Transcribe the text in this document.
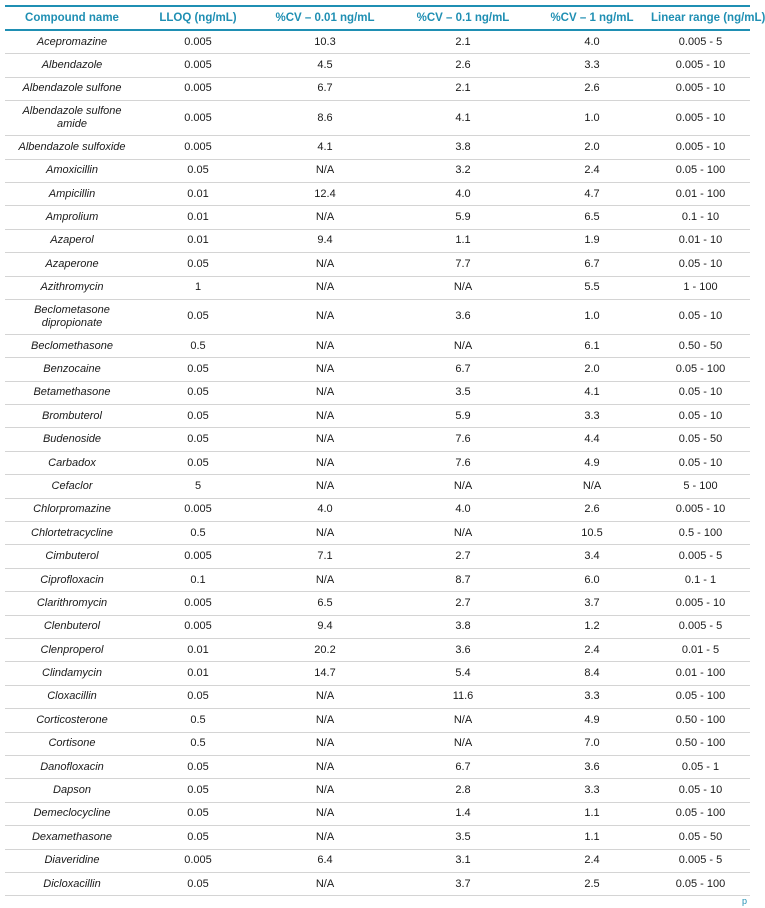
Compound name	LLOQ (ng/mL)	%CV – 0.01 ng/mL	%CV – 0.1 ng/mL	%CV – 1 ng/mL	Linear range (ng/mL)
Acepromazine	0.005	10.3	2.1	4.0	0.005 - 5
Albendazole	0.005	4.5	2.6	3.3	0.005 - 10
Albendazole sulfone	0.005	6.7	2.1	2.6	0.005 - 10
Albendazole sulfone amide	0.005	8.6	4.1	1.0	0.005 - 10
Albendazole sulfoxide	0.005	4.1	3.8	2.0	0.005 - 10
Amoxicillin	0.05	N/A	3.2	2.4	0.05 - 100
Ampicillin	0.01	12.4	4.0	4.7	0.01 - 100
Amprolium	0.01	N/A	5.9	6.5	0.1 - 10
Azaperol	0.01	9.4	1.1	1.9	0.01 - 10
Azaperone	0.05	N/A	7.7	6.7	0.05 - 10
Azithromycin	1	N/A	N/A	5.5	1 - 100
Beclometasone dipropionate	0.05	N/A	3.6	1.0	0.05 - 10
Beclomethasone	0.5	N/A	N/A	6.1	0.50 - 50
Benzocaine	0.05	N/A	6.7	2.0	0.05 - 100
Betamethasone	0.05	N/A	3.5	4.1	0.05 - 10
Brombuterol	0.05	N/A	5.9	3.3	0.05 - 10
Budenoside	0.05	N/A	7.6	4.4	0.05 - 50
Carbadox	0.05	N/A	7.6	4.9	0.05 - 10
Cefaclor	5	N/A	N/A	N/A	5 - 100
Chlorpromazine	0.005	4.0	4.0	2.6	0.005 - 10
Chlortetracycline	0.5	N/A	N/A	10.5	0.5 - 100
Cimbuterol	0.005	7.1	2.7	3.4	0.005 - 5
Ciprofloxacin	0.1	N/A	8.7	6.0	0.1 - 1
Clarithromycin	0.005	6.5	2.7	3.7	0.005 - 10
Clenbuterol	0.005	9.4	3.8	1.2	0.005 - 5
Clenproperol	0.01	20.2	3.6	2.4	0.01 - 5
Clindamycin	0.01	14.7	5.4	8.4	0.01 - 100
Cloxacillin	0.05	N/A	11.6	3.3	0.05 - 100
Corticosterone	0.5	N/A	N/A	4.9	0.50 - 100
Cortisone	0.5	N/A	N/A	7.0	0.50 - 100
Danofloxacin	0.05	N/A	6.7	3.6	0.05 - 1
Dapson	0.05	N/A	2.8	3.3	0.05 - 10
Demeclocycline	0.05	N/A	1.4	1.1	0.05 - 100
Dexamethasone	0.05	N/A	3.5	1.1	0.05 - 50
Diaveridine	0.005	6.4	3.1	2.4	0.005 - 5
Dicloxacillin	0.05	N/A	3.7	2.5	0.05 - 100
p
